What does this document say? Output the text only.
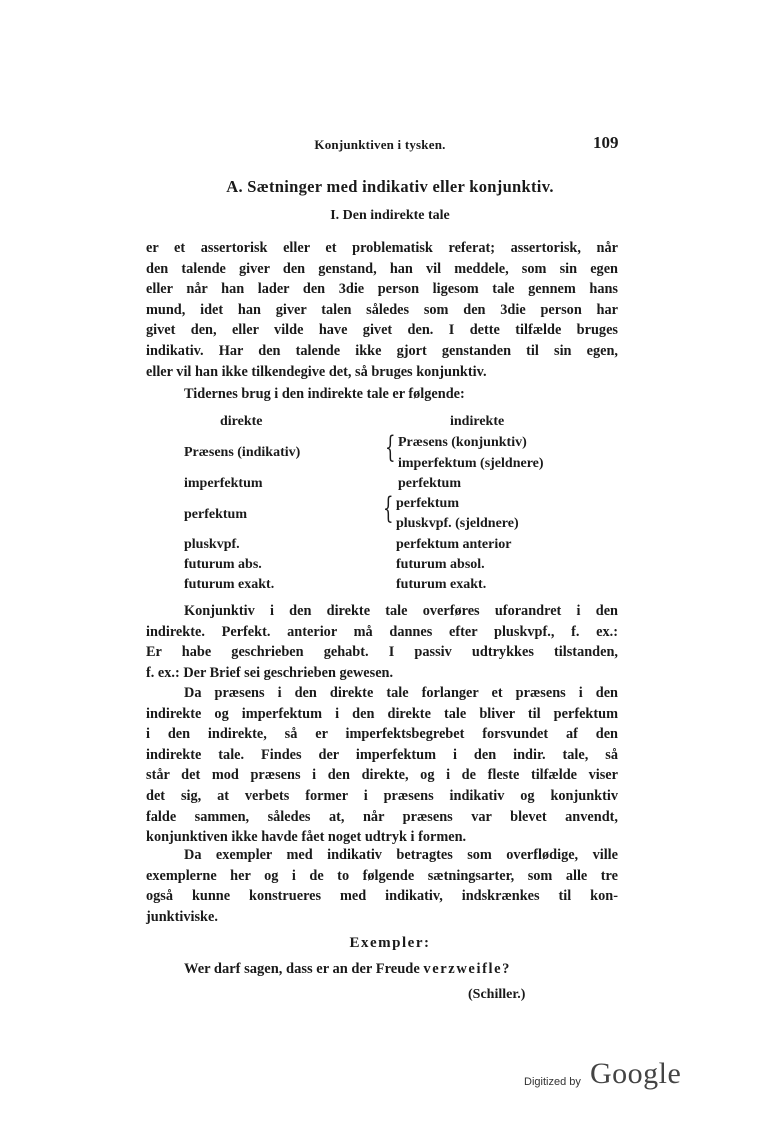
Konjunktiven i tysken.	109
A. Sætninger med indikativ eller konjunktiv.
I. Den indirekte tale
er et assertorisk eller et problematisk referat; assertorisk, når
den talende giver den genstand, han vil meddele, som sin egen
eller når han lader den 3die person ligesom tale gennem hans
mund, idet han giver talen således som den 3die person har
givet den, eller vilde have givet den. I dette tilfælde bruges
indikativ. Har den talende ikke gjort genstanden til sin egen,
eller vil han ikke tilkendegive det, så bruges konjunktiv.
Tidernes brug i den indirekte tale er følgende:
direkte	indirekte
Præsens (indikativ)	{ Præsens (konjunktiv)
imperfektum (sjeldnere)
imperfektum	perfektum
perfektum	{ perfektum
pluskvpf. (sjeldnere)
pluskvpf.	perfektum anterior
futurum abs.	futurum absol.
futurum exakt.	futurum exakt.
Konjunktiv i den direkte tale overføres uforandret i den
indirekte. Perfekt. anterior må dannes efter pluskvpf., f. ex.:
Er habe geschrieben gehabt. I passiv udtrykkes tilstanden,
f. ex.: Der Brief sei geschrieben gewesen.
Da præsens i den direkte tale forlanger et præsens i den
indirekte og imperfektum i den direkte tale bliver til perfektum
i den indirekte, så er imperfektsbegrebet forsvundet af den
indirekte tale. Findes der imperfektum i den indir. tale, så
står det mod præsens i den direkte, og i de fleste tilfælde viser
det sig, at verbets former i præsens indikativ og konjunktiv
falde sammen, således at, når præsens var blevet anvendt,
konjunktiven ikke havde fået noget udtryk i formen.
Da exempler med indikativ betragtes som overflødige, ville
exemplerne her og i de to følgende sætningsarter, som alle tre
også kunne konstrueres med indikativ, indskrænkes til kon-
junktiviske.
Exempler:
Wer darf sagen, dass er an der Freude verzweifle?
(Schiller.)
Digitized by Google
